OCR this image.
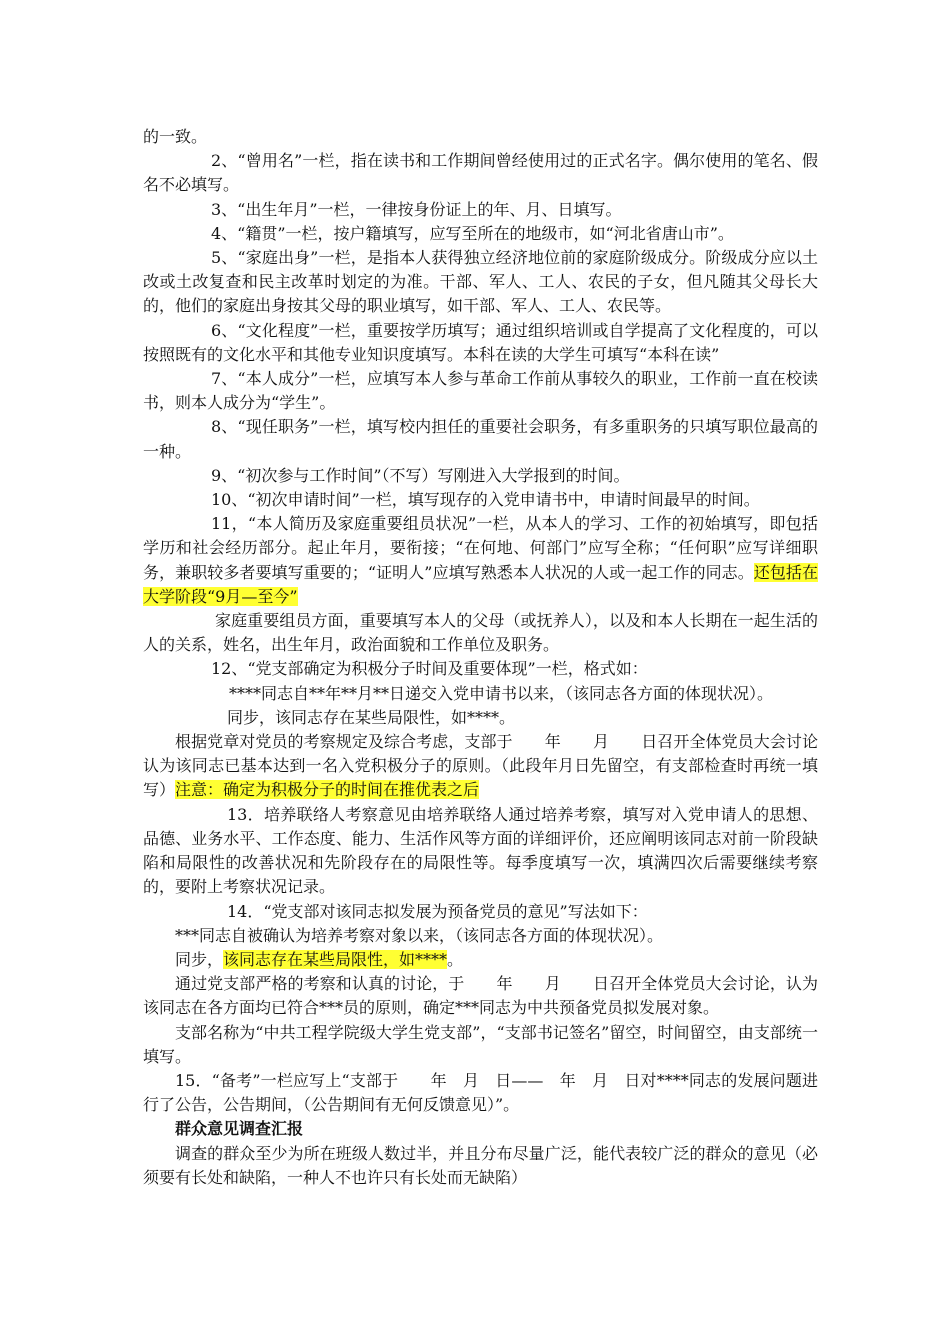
的一致。

2、“曾用名”一栏，指在读书和工作期间曾经使用过的正式名字。偶尔使用的笔名、假名不必填写。

3、“出生年月”一栏，一律按身份证上的年、月、日填写。

4、“籍贯”一栏，按户籍填写，应写至所在的地级市，如“河北省唐山市”。

5、“家庭出身”一栏，是指本人获得独立经济地位前的家庭阶级成分。阶级成分应以土改或土改复查和民主改革时划定的为准。干部、军人、工人、农民的子女，但凡随其父母长大的，他们的家庭出身按其父母的职业填写，如干部、军人、工人、农民等。

6、“文化程度”一栏，重要按学历填写；通过组织培训或自学提高了文化程度的，可以按照既有的文化水平和其他专业知识度填写。本科在读的大学生可填写“本科在读”

7、“本人成分”一栏，应填写本人参与革命工作前从事较久的职业，工作前一直在校读书，则本人成分为“学生”。

8、“现任职务”一栏，填写校内担任的重要社会职务，有多重职务的只填写职位最高的一种。

9、“初次参与工作时间”（不写）写刚进入大学报到的时间。

10、“初次申请时间”一栏，填写现存的入党申请书中，申请时间最早的时间。

11，“本人简历及家庭重要组员状况”一栏，从本人的学习、工作的初始填写，即包括学历和社会经历部分。起止年月，要衔接；“在何地、何部门”应写全称；“任何职”应写详细职务，兼职较多者要填写重要的；“证明人”应填写熟悉本人状况的人或一起工作的同志。还包括在大学阶段“9月—至今”

家庭重要组员方面，重要填写本人的父母（或抚养人），以及和本人长期在一起生活的人的关系，姓名，出生年月，政治面貌和工作单位及职务。

12、“党支部确定为积极分子时间及重要体现”一栏，格式如：

****同志自**年**月**日递交入党申请书以来，（该同志各方面的体现状况）。

同步，该同志存在某些局限性，如****。

根据党章对党员的考察规定及综合考虑，支部于　　年　　月　　日召开全体党员大会讨论认为该同志已基本达到一名入党积极分子的原则。（此段年月日先留空，有支部检查时再统一填写）注意：确定为积极分子的时间在推优表之后

13．培养联络人考察意见由培养联络人通过培养考察，填写对入党申请人的思想、品德、业务水平、工作态度、能力、生活作风等方面的详细评价，还应阐明该同志对前一阶段缺陷和局限性的改善状况和先阶段存在的局限性等。每季度填写一次，填满四次后需要继续考察的，要附上考察状况记录。

14．“党支部对该同志拟发展为预备党员的意见”写法如下：

***同志自被确认为培养考察对象以来，（该同志各方面的体现状况）。

同步，该同志存在某些局限性，如****。

通过党支部严格的考察和认真的讨论，于　　年　　月　　日召开全体党员大会讨论，认为该同志在各方面均已符合***员的原则，确定***同志为中共预备党员拟发展对象。

支部名称为“中共工程学院级大学生党支部”，“支部书记签名”留空，时间留空，由支部统一填写。

15．“备考”一栏应写上“支部于　　年　月　日——　年　月　日对****同志的发展问题进行了公告，公告期间，（公告期间有无何反馈意见）”。

群众意见调查汇报

调查的群众至少为所在班级人数过半，并且分布尽量广泛，能代表较广泛的群众的意见（必须要有长处和缺陷，一种人不也许只有长处而无缺陷）
